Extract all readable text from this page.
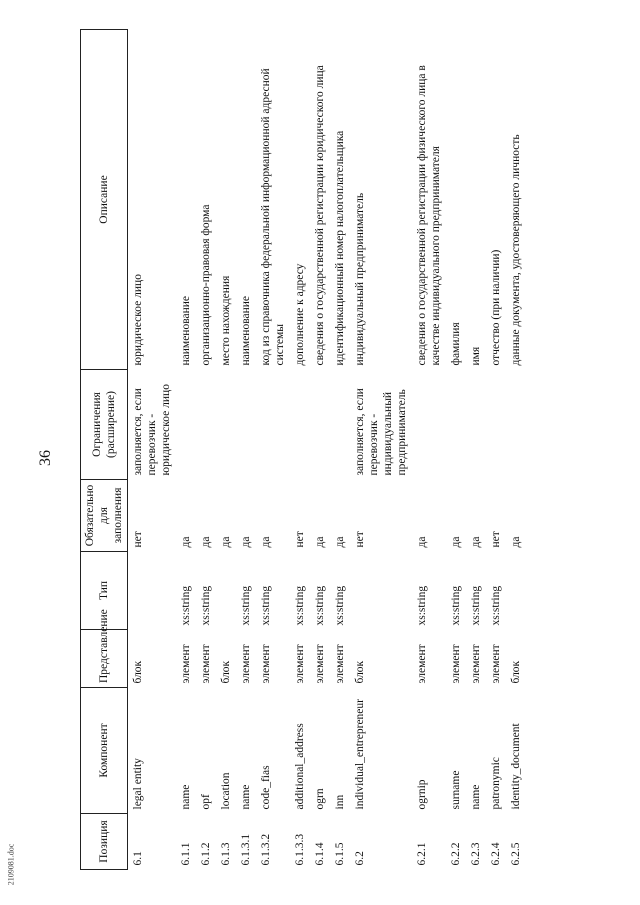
36
2109081.doc
Позиция	Компонент	Представление	Тип	Обязательно для заполнения	Ограничения (расширение)	Описание
6.1	legal entity	блок		нет	заполняется, если перевозчик - юридическое лицо	юридическое лицо
6.1.1	name	элемент	xs:string	да		наименование
6.1.2	opf	элемент	xs:string	да		организационно-правовая форма
6.1.3	location	блок		да		место нахождения
6.1.3.1	name	элемент	xs:string	да		наименование
6.1.3.2	code_fias	элемент	xs:string	да		код из справочника федеральной информационной адресной системы
6.1.3.3	additional_address	элемент	xs:string	нет		дополнение к адресу
6.1.4	ogrn	элемент	xs:string	да		сведения о государственной регистрации юридического лица
6.1.5	inn	элемент	xs:string	да		идентификационный номер налогоплательщика
6.2	individual_entrepreneur	блок		нет	заполняется, если перевозчик - индивидуальный предприниматель	индивидуальный предприниматель
6.2.1	ogrnip	элемент	xs:string	да		сведения о государственной регистрации физического лица в качестве индивидуального предпринимателя
6.2.2	surname	элемент	xs:string	да		фамилия
6.2.3	name	элемент	xs:string	да		имя
6.2.4	patronymic	элемент	xs:string	нет		отчество (при наличии)
6.2.5	identity_document	блок		да		данные документа, удостоверяющего личность
